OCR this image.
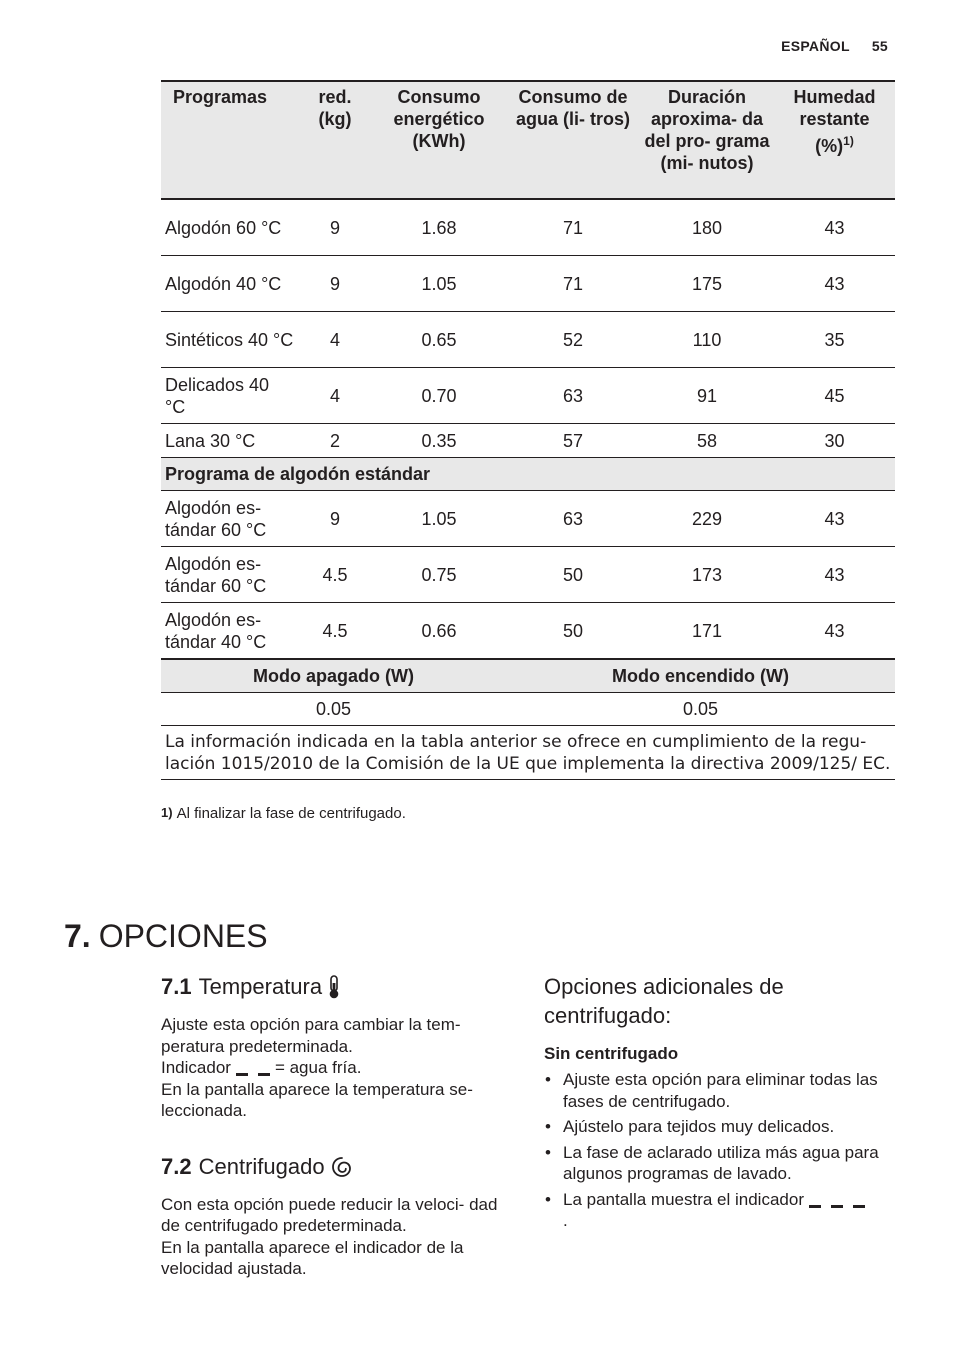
ESPAÑOL 55
Programas	red. (kg)	Consumo energético (KWh)	Consumo de agua (li- tros)	Duración aproxima- da del pro- grama (mi- nutos)	Humedad restante (%)$^{1)}$
Algodón 60 °C	9	1.68	71	180	43
Algodón 40 °C	9	1.05	71	175	43
Sintéticos 40 °C	4	0.65	52	110	35
Delicados 40 °C	4	0.70	63	91	45
Lana 30 °C	2	0.35	57	58	30
Programa de algodón estándar					
Algodón es- tándar 60 °C	9	1.05	63	229	43
Algodón es- tándar 60 °C	4.5	0.75	50	173	43
Algodón es- tándar 40 °C	4.5	0.66	50	171	43
Modo apagado (W)			Modo encendido (W)		
0.05			0.05		
La información indicada en la tabla anterior se ofrece en cumplimiento de la regu- lación 1015/2010 de la Comisión de la UE que implementa la directiva 2009/125/ EC.					
1) Al finalizar la fase de centrifugado.
7. OPCIONES
7.1 Temperatura

Ajuste esta opción para cambiar la tem- peratura predeterminada.

Indicador	= agua fría.

En la pantalla aparece la temperatura se- leccionada.

7.2 Centrifugado

Con esta opción puede reducir la veloci- dad de centrifugado predeterminada.

En la pantalla aparece el indicador de la velocidad ajustada.

Opciones adicionales de centrifugado:
Sin centrifugado
• Ajuste esta opción para eliminar todas las fases de centrifugado.
• Ajústelo para tejidos muy delicados.
• La fase de aclarado utiliza más agua para algunos programas de lavado.
• La pantalla muestra el indicador
.
